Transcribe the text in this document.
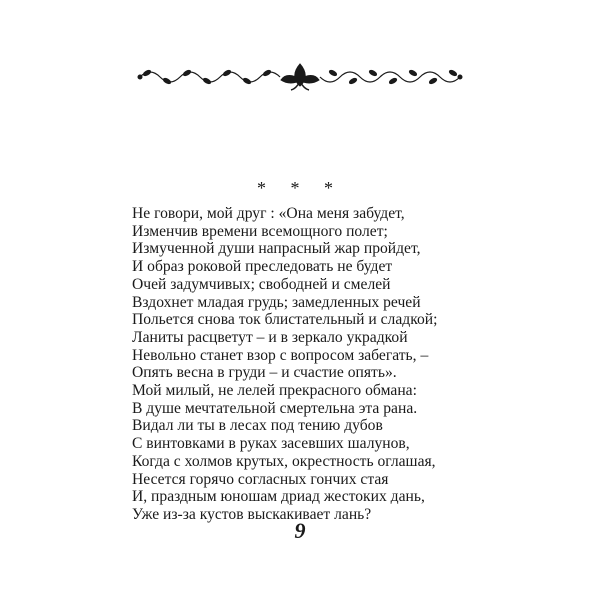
* * *
Не говори, мой друг : «Она меня забудет,
Изменчив времени всемощного полет;
Измученной души напрасный жар пройдет,
И образ роковой преследовать не будет
Очей задумчивых; свободней и смелей
Вздохнет младая грудь; замедленных речей
Польется снова ток блистательный и сладкой;
Ланиты расцветут – и в зеркало украдкой
Невольно станет взор с вопросом забегать, –
Опять весна в груди – и счастие опять».
Мой милый, не лелей прекрасного обмана:
В душе мечтательной смертельна эта рана.
Видал ли ты в лесах под тению дубов
С винтовками в руках засевших шалунов,
Когда с холмов крутых, окрестность оглашая,
Несется горячо согласных гончих стая
И, праздным юношам дриад жестоких дань,
Уже из-за кустов выскакивает лань?
9
